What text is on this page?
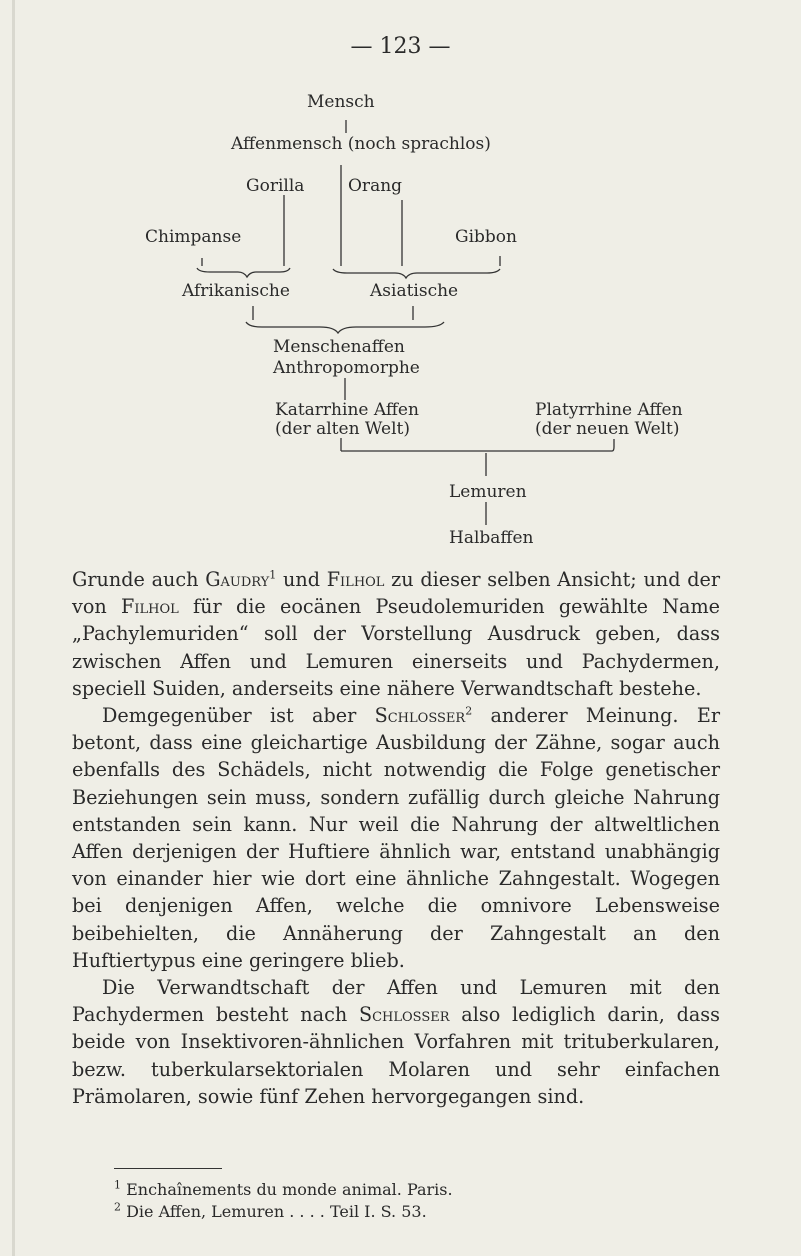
— 123 —
Mensch
Affenmensch (noch sprachlos)
Gorilla	Orang
Chimpanse	Gibbon
Afrikanische	Asiatische
Menschenaffen
Anthropomorphe
Katarrhine Affen
(der alten Welt)
Platyrrhine Affen
(der neuen Welt)
Lemuren
Halbaffen

Grunde auch Gaudry$^1$ und Filhol zu dieser selben Ansicht; und der von Filhol für die eocänen Pseudolemuriden gewählte Name „Pachylemuriden“ soll der Vorstellung Ausdruck geben, dass zwischen Affen und Lemuren einerseits und Pachydermen, speciell Suiden, anderseits eine nähere Verwandtschaft bestehe.

Demgegenüber ist aber Schlosser$^2$ anderer Meinung. Er betont, dass eine gleichartige Ausbildung der Zähne, sogar auch ebenfalls des Schädels, nicht notwendig die Folge genetischer Beziehungen sein muss, sondern zufällig durch gleiche Nahrung entstanden sein kann. Nur weil die Nahrung der altweltlichen Affen derjenigen der Huftiere ähnlich war, entstand unabhängig von einander hier wie dort eine ähnliche Zahngestalt. Wogegen bei denjenigen Affen, welche die omnivore Lebensweise beibehielten, die Annäherung der Zahngestalt an den Huftiertypus eine geringere blieb.

Die Verwandtschaft der Affen und Lemuren mit den Pachydermen besteht nach Schlosser also lediglich darin, dass beide von Insektivoren-ähnlichen Vorfahren mit trituberkularen, bezw. tuberkularsektorialen Molaren und sehr einfachen Prämolaren, sowie fünf Zehen hervorgegangen sind.

$^1$ Enchaînements du monde animal. Paris.
$^2$ Die Affen, Lemuren . . . . Teil I. S. 53.
